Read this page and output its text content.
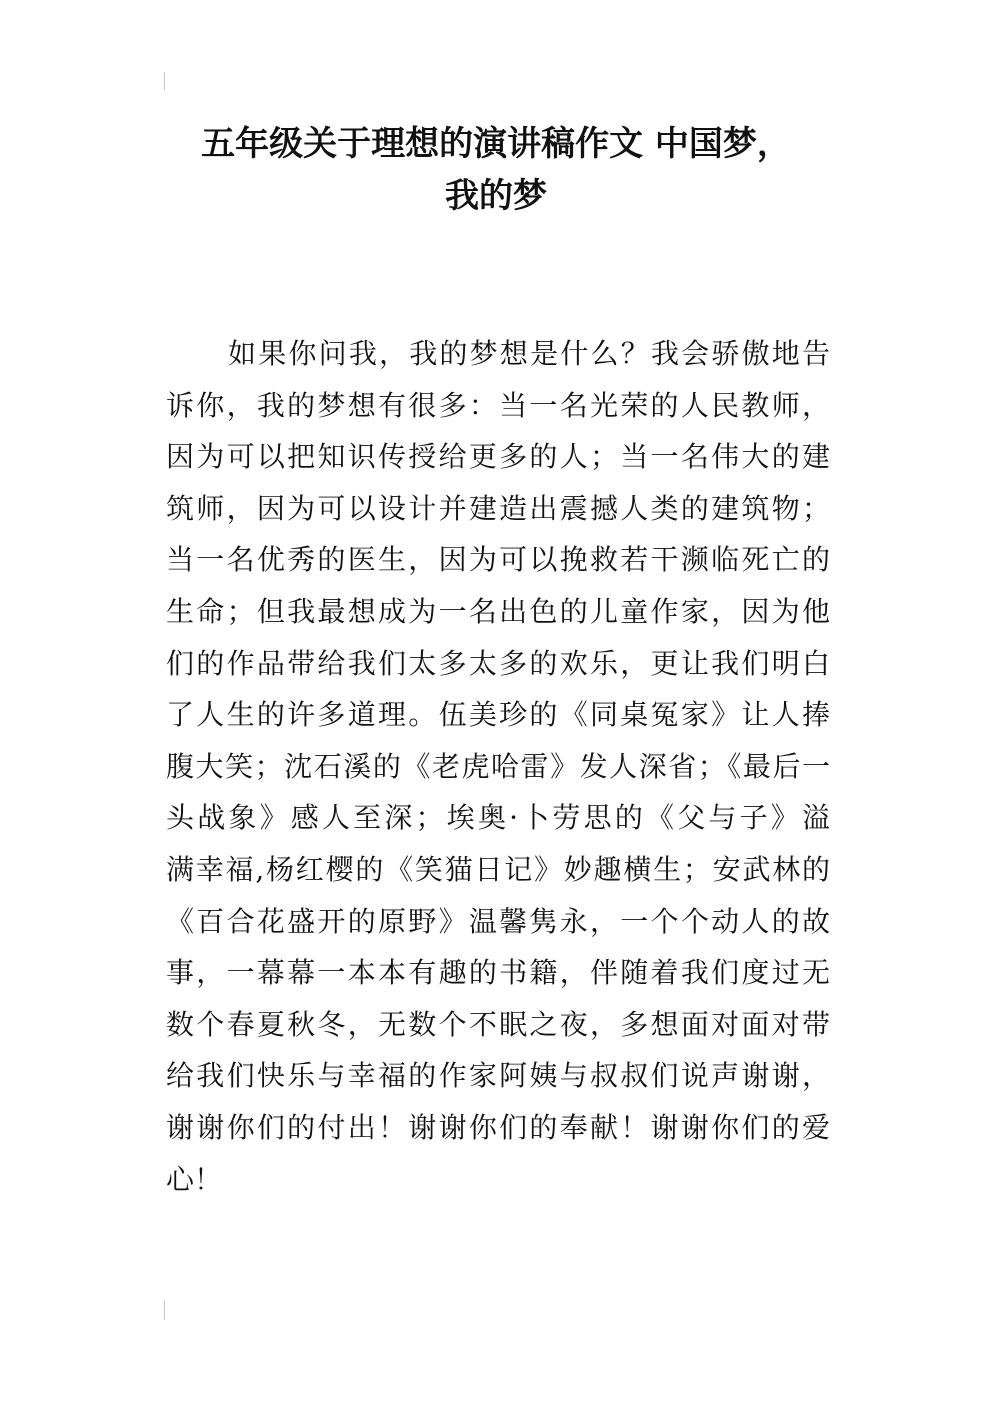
五年级关于理想的演讲稿作文 中国梦，
我的梦
如果你问我，我的梦想是什么？我会骄傲地告
诉你，我的梦想有很多：当一名光荣的人民教师，
因为可以把知识传授给更多的人；当一名伟大的建
筑师，因为可以设计并建造出震撼人类的建筑物；
当一名优秀的医生，因为可以挽救若干濒临死亡的
生命；但我最想成为一名出色的儿童作家，因为他
们的作品带给我们太多太多的欢乐，更让我们明白
了人生的许多道理。伍美珍的《同桌冤家》让人捧
腹大笑；沈石溪的《老虎哈雷》发人深省；《最后一
头战象》感人至深；埃奥·卜劳思的《父与子》溢
满幸福,杨红樱的《笑猫日记》妙趣横生；安武林的
《百合花盛开的原野》温馨隽永，一个个动人的故
事，一幕幕一本本有趣的书籍，伴随着我们度过无
数个春夏秋冬，无数个不眠之夜，多想面对面对带
给我们快乐与幸福的作家阿姨与叔叔们说声谢谢，
谢谢你们的付出！谢谢你们的奉献！谢谢你们的爱
心！
